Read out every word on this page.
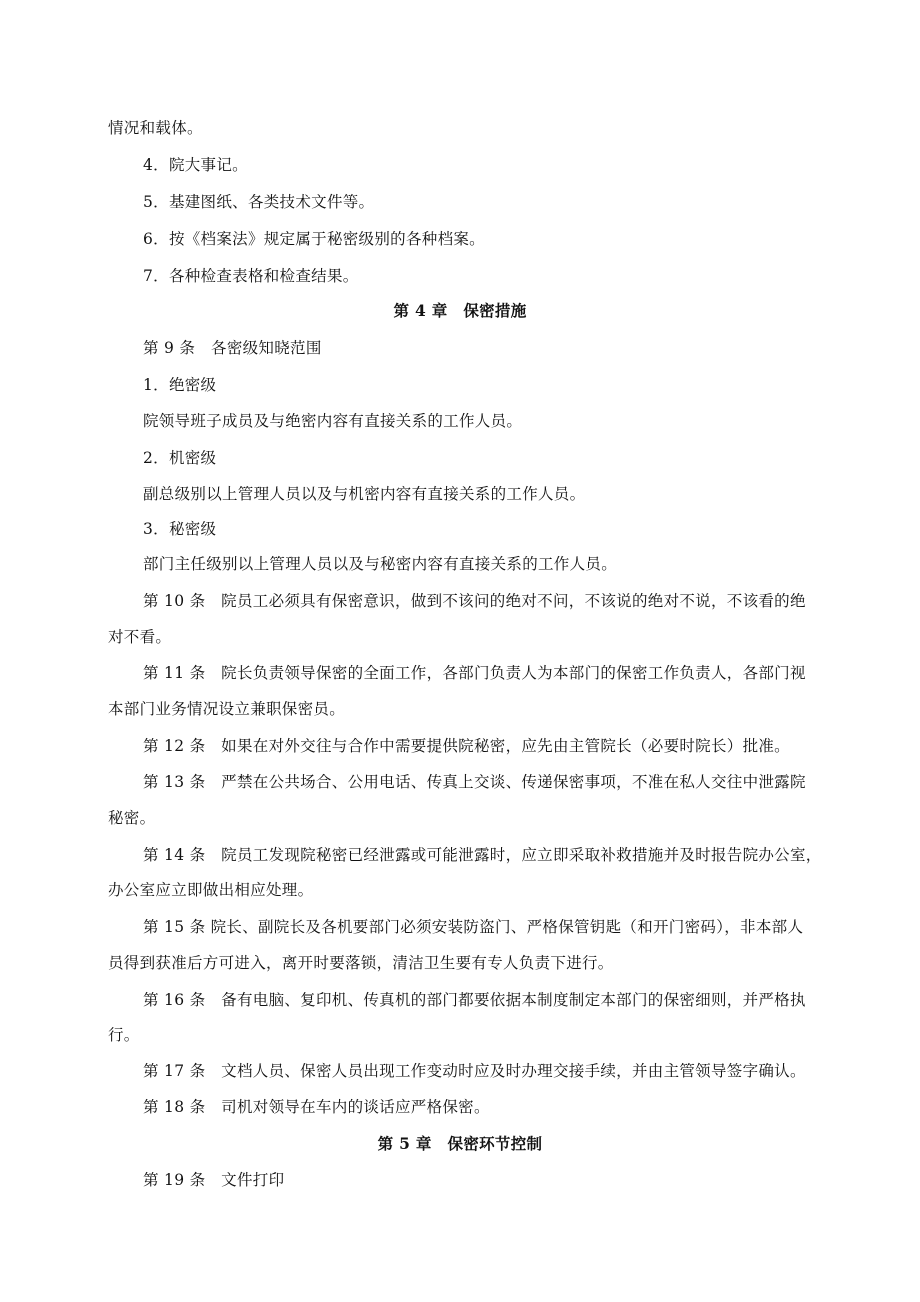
情况和载体。
4．院大事记。
5．基建图纸、各类技术文件等。
6．按《档案法》规定属于秘密级别的各种档案。
7．各种检查表格和检查结果。
第 4 章　保密措施
第 9 条　各密级知晓范围
1．绝密级
院领导班子成员及与绝密内容有直接关系的工作人员。
2．机密级
副总级别以上管理人员以及与机密内容有直接关系的工作人员。
3．秘密级
部门主任级别以上管理人员以及与秘密内容有直接关系的工作人员。
第 10 条　院员工必须具有保密意识，做到不该问的绝对不问，不该说的绝对不说，不该看的绝
对不看。
第 11 条　院长负责领导保密的全面工作，各部门负责人为本部门的保密工作负责人，各部门视
本部门业务情况设立兼职保密员。
第 12 条　如果在对外交往与合作中需要提供院秘密，应先由主管院长（必要时院长）批准。
第 13 条　严禁在公共场合、公用电话、传真上交谈、传递保密事项，不准在私人交往中泄露院
秘密。
第 14 条　院员工发现院秘密已经泄露或可能泄露时，应立即采取补救措施并及时报告院办公室，
办公室应立即做出相应处理。
第 15 条 院长、副院长及各机要部门必须安装防盗门、严格保管钥匙（和开门密码），非本部人
员得到获准后方可进入，离开时要落锁，清洁卫生要有专人负责下进行。
第 16 条　备有电脑、复印机、传真机的部门都要依据本制度制定本部门的保密细则，并严格执
行。
第 17 条　文档人员、保密人员出现工作变动时应及时办理交接手续，并由主管领导签字确认。
第 18 条　司机对领导在车内的谈话应严格保密。
第 5 章　保密环节控制
第 19 条　文件打印
